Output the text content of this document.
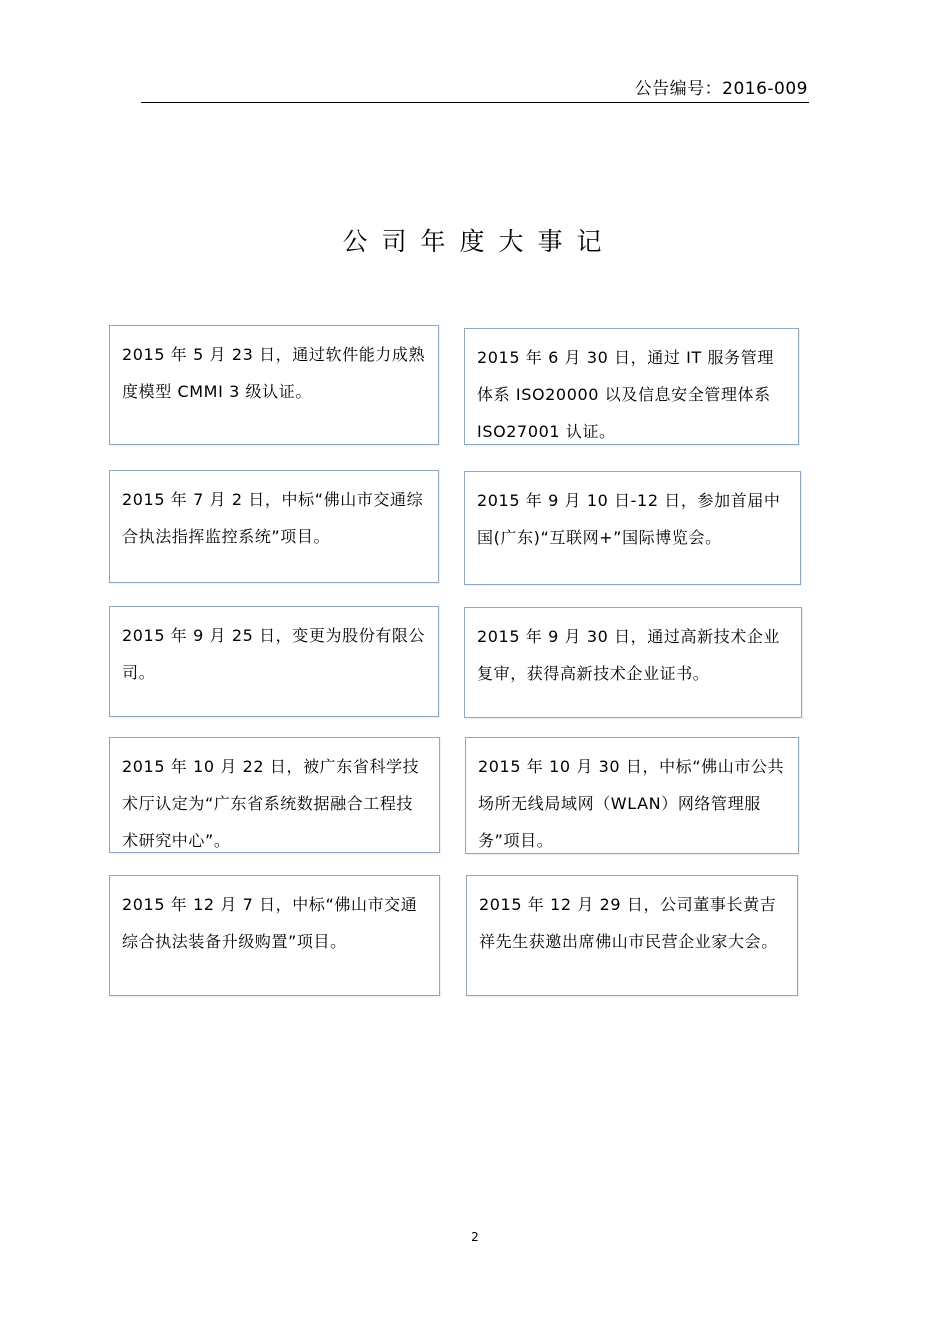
公告编号：2016-009
公司年度大事记
2015 年 5 月 23 日，通过软件能力成熟度模型 CMMI 3 级认证。
2015 年 6 月 30 日，通过 IT 服务管理体系 ISO20000 以及信息安全管理体系 ISO27001 认证。
2015 年 7 月 2 日，中标“佛山市交通综合执法指挥监控系统”项目。
2015 年 9 月 10 日-12 日，参加首届中国(广东)“互联网+”国际博览会。
2015 年 9 月 25 日，变更为股份有限公司。
2015 年 9 月 30 日，通过高新技术企业复审，获得高新技术企业证书。
2015 年 10 月 22 日，被广东省科学技术厅认定为“广东省系统数据融合工程技术研究中心”。
2015 年 10 月 30 日，中标“佛山市公共场所无线局域网（WLAN）网络管理服务”项目。
2015 年 12 月 7 日，中标“佛山市交通综合执法装备升级购置”项目。
2015 年 12 月 29 日，公司董事长黄吉祥先生获邀出席佛山市民营企业家大会。
2
